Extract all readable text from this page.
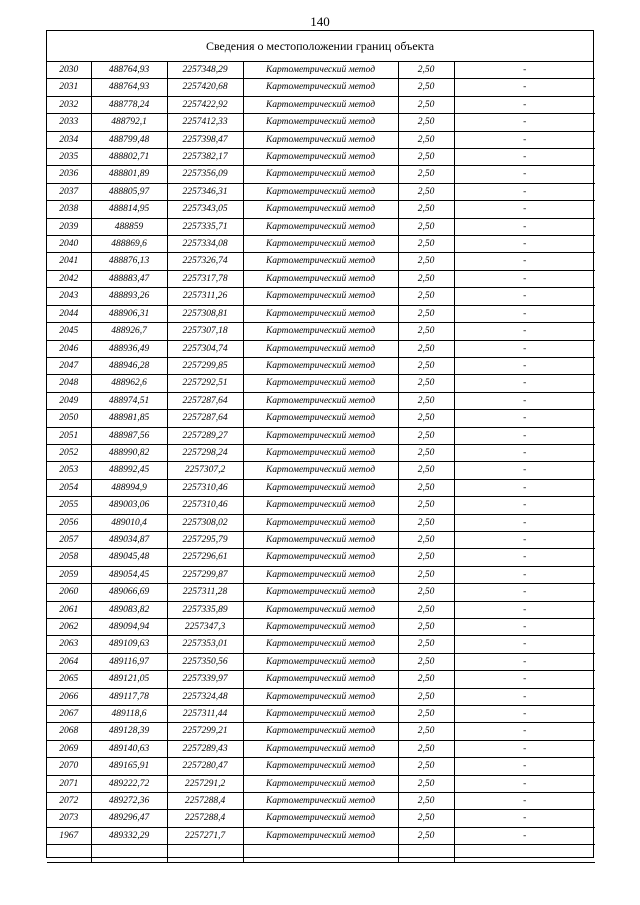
140
Сведения о местоположении границ объекта
2030	488764,93	2257348,29	Картометрический метод	2,50	-
2031	488764,93	2257420,68	Картометрический метод	2,50	-
2032	488778,24	2257422,92	Картометрический метод	2,50	-
2033	488792,1	2257412,33	Картометрический метод	2,50	-
2034	488799,48	2257398,47	Картометрический метод	2,50	-
2035	488802,71	2257382,17	Картометрический метод	2,50	-
2036	488801,89	2257356,09	Картометрический метод	2,50	-
2037	488805,97	2257346,31	Картометрический метод	2,50	-
2038	488814,95	2257343,05	Картометрический метод	2,50	-
2039	488859	2257335,71	Картометрический метод	2,50	-
2040	488869,6	2257334,08	Картометрический метод	2,50	-
2041	488876,13	2257326,74	Картометрический метод	2,50	-
2042	488883,47	2257317,78	Картометрический метод	2,50	-
2043	488893,26	2257311,26	Картометрический метод	2,50	-
2044	488906,31	2257308,81	Картометрический метод	2,50	-
2045	488926,7	2257307,18	Картометрический метод	2,50	-
2046	488936,49	2257304,74	Картометрический метод	2,50	-
2047	488946,28	2257299,85	Картометрический метод	2,50	-
2048	488962,6	2257292,51	Картометрический метод	2,50	-
2049	488974,51	2257287,64	Картометрический метод	2,50	-
2050	488981,85	2257287,64	Картометрический метод	2,50	-
2051	488987,56	2257289,27	Картометрический метод	2,50	-
2052	488990,82	2257298,24	Картометрический метод	2,50	-
2053	488992,45	2257307,2	Картометрический метод	2,50	-
2054	488994,9	2257310,46	Картометрический метод	2,50	-
2055	489003,06	2257310,46	Картометрический метод	2,50	-
2056	489010,4	2257308,02	Картометрический метод	2,50	-
2057	489034,87	2257295,79	Картометрический метод	2,50	-
2058	489045,48	2257296,61	Картометрический метод	2,50	-
2059	489054,45	2257299,87	Картометрический метод	2,50	-
2060	489066,69	2257311,28	Картометрический метод	2,50	-
2061	489083,82	2257335,89	Картометрический метод	2,50	-
2062	489094,94	2257347,3	Картометрический метод	2,50	-
2063	489109,63	2257353,01	Картометрический метод	2,50	-
2064	489116,97	2257350,56	Картометрический метод	2,50	-
2065	489121,05	2257339,97	Картометрический метод	2,50	-
2066	489117,78	2257324,48	Картометрический метод	2,50	-
2067	489118,6	2257311,44	Картометрический метод	2,50	-
2068	489128,39	2257299,21	Картометрический метод	2,50	-
2069	489140,63	2257289,43	Картометрический метод	2,50	-
2070	489165,91	2257280,47	Картометрический метод	2,50	-
2071	489222,72	2257291,2	Картометрический метод	2,50	-
2072	489272,36	2257288,4	Картометрический метод	2,50	-
2073	489296,47	2257288,4	Картометрический метод	2,50	-
1967	489332,29	2257271,7	Картометрический метод	2,50	-
